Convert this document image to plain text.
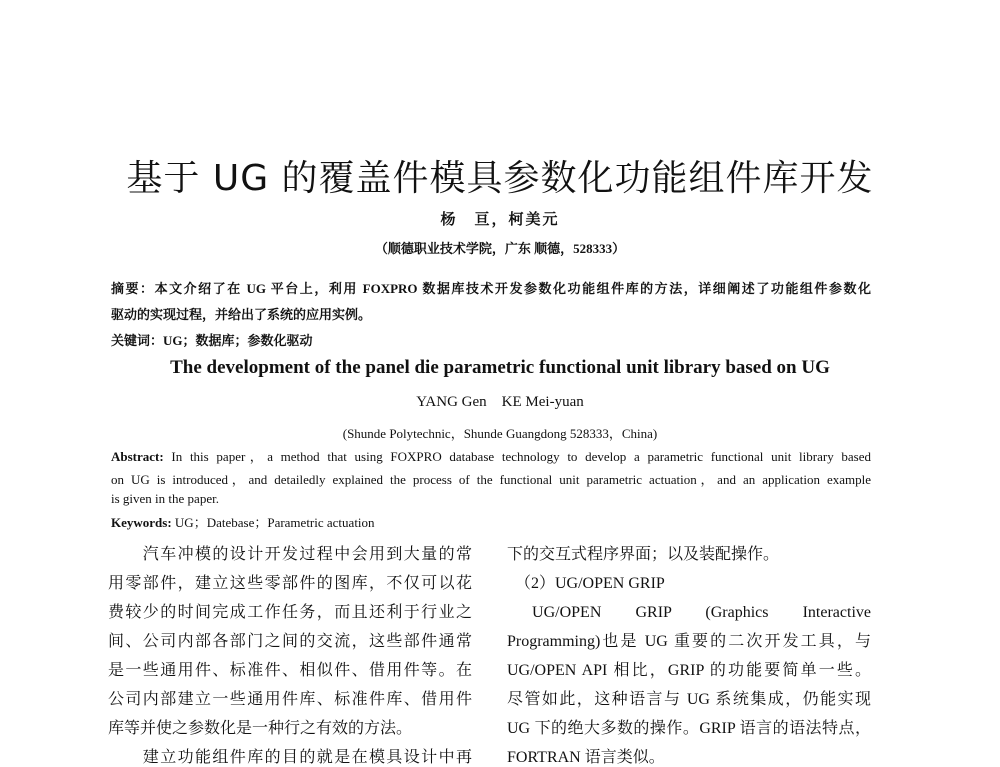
基于 UG 的覆盖件模具参数化功能组件库开发
杨　亘，柯美元
（顺德职业技术学院，广东 顺德，528333）
摘要：本文介绍了在 UG 平台上，利用 FOXPRO 数据库技术开发参数化功能组件库的方法，详细阐述了功能组件参数化
驱动的实现过程，并给出了系统的应用实例。
关键词：UG；数据库；参数化驱动
The development of the panel die parametric functional unit library based on UG
YANG Gen　KE Mei-yuan
(Shunde Polytechnic，Shunde Guangdong 528333，China)
Abstract: In this paper，a method that using FOXPRO database technology to develop a parametric functional unit library based
on UG is introduced，and detailedly explained the process of the functional unit parametric actuation，and an application example
is given in the paper.
Keywords: UG；Datebase；Parametric actuation
　　汽车冲模的设计开发过程中会用到大量的常
用零部件，建立这些零部件的图库，不仅可以花
费较少的时间完成工作任务，而且还利于行业之
间、公司内部各部门之间的交流，这些部件通常
是一些通用件、标准件、相似件、借用件等。在
公司内部建立一些通用件库、标准件库、借用件
库等并使之参数化是一种行之有效的方法。
　　建立功能组件库的目的就是在模具设计中再
下的交互式程序界面；以及装配操作。
　（2）UG/OPEN GRIP
　UG/OPEN　GRIP　(Graphics　Interactive
Programming)也是 UG 重要的二次开发工具，与
UG/OPEN API 相比，GRIP 的功能要简单一些。
尽管如此，这种语言与 UG 系统集成，仍能实现
UG 下的绝大多数的操作。GRIP 语言的语法特点，
FORTRAN 语言类似。
